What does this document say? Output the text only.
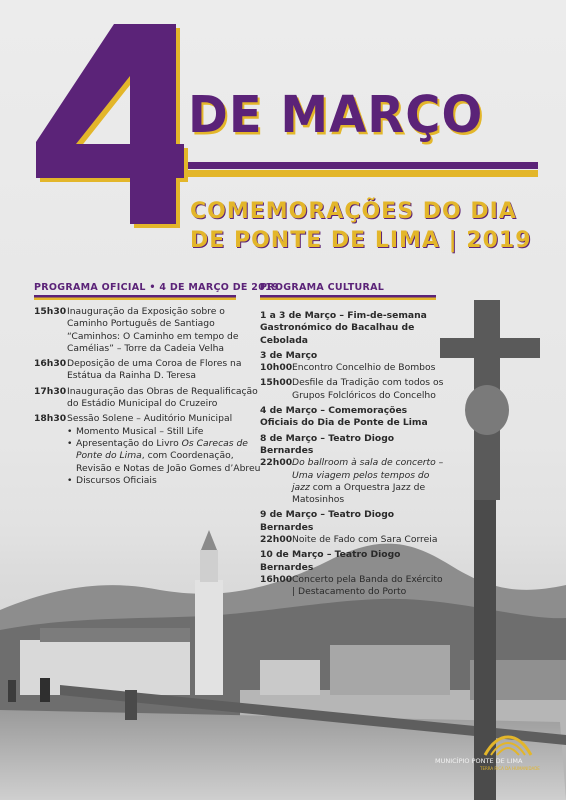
DE MARÇO
COMEMORAÇÕES DO DIA
DE PONTE DE LIMA | 2019
PROGRAMA OFICIAL • 4 DE MARÇO DE 2019
15h30 Inauguração da Exposição sobre o Caminho Português de Santiago “Caminhos: O Caminho em tempo de Camélias” – Torre da Cadeia Velha
16h30 Deposição de uma Coroa de Flores na Estátua da Rainha D. Teresa
17h30 Inauguração das Obras de Requalificação do Estádio Municipal do Cruzeiro
18h30 Sessão Solene – Auditório Municipal
• Momento Musical – Still Life
• Apresentação do Livro Os Carecas de Ponte do Lima, com Coordenação, Revisão e Notas de João Gomes d’Abreu
• Discursos Oficiais
PROGRAMA CULTURAL
1 a 3 de Março – Fim-de-semana Gastronómico do Bacalhau de Cebolada
3 de Março
10h00 Encontro Concelhio de Bombos
15h00 Desfile da Tradição com todos os Grupos Folclóricos do Concelho
4 de Março – Comemorações Oficiais do Dia de Ponte de Lima
8 de Março – Teatro Diogo Bernardes
22h00 Do ballroom à sala de concerto – Uma viagem pelos tempos do jazz com a Orquestra Jazz de Matosinhos
9 de Março – Teatro Diogo Bernardes
22h00 Noite de Fado com Sara Correia
10 de Março – Teatro Diogo Bernardes
16h00 Concerto pela Banda do Exército | Destacamento do Porto
MUNICÍPIO PONTE DE LIMA
TERRA RICA DA HUMANIDADE
